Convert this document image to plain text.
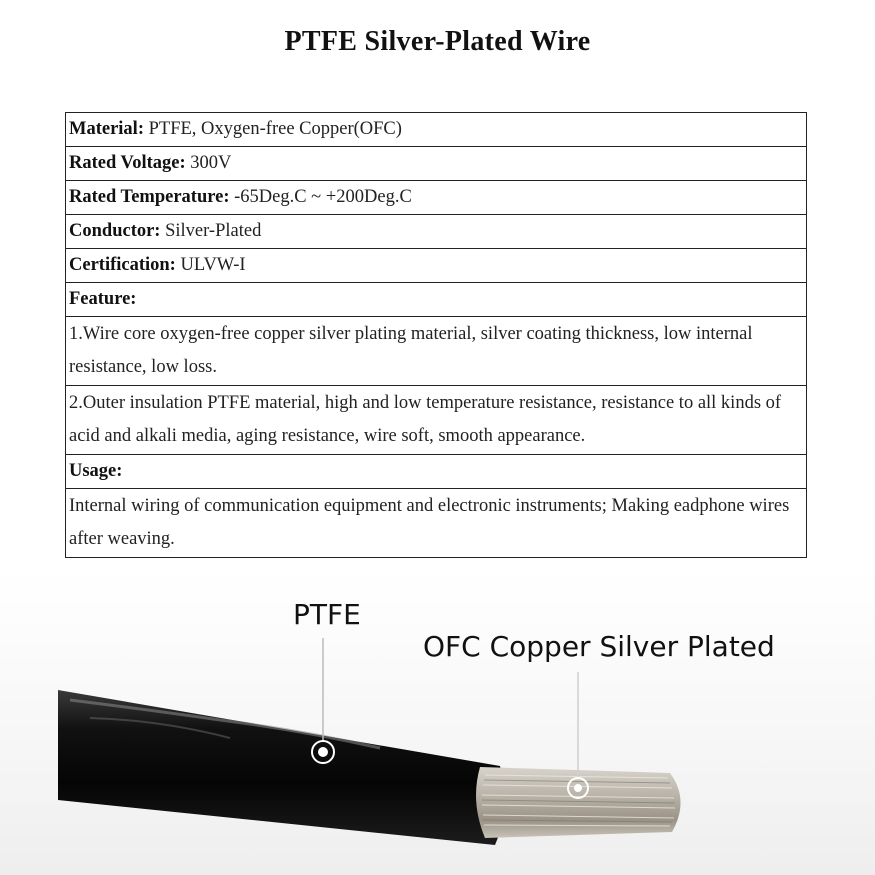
PTFE Silver-Plated Wire
Material: PTFE, Oxygen-free Copper(OFC)
Rated Voltage: 300V
Rated Temperature: -65Deg.C ~ +200Deg.C
Conductor: Silver-Plated
Certification: ULVW-I
Feature:
1.Wire core oxygen-free copper silver plating material, silver coating thickness, low internal resistance, low loss.
2.Outer insulation PTFE material, high and low temperature resistance, resistance to all kinds of acid and alkali media, aging resistance, wire soft, smooth appearance.
Usage:
Internal wiring of communication equipment and electronic instruments; Making eadphone wires after weaving.
PTFE
OFC Copper Silver Plated
